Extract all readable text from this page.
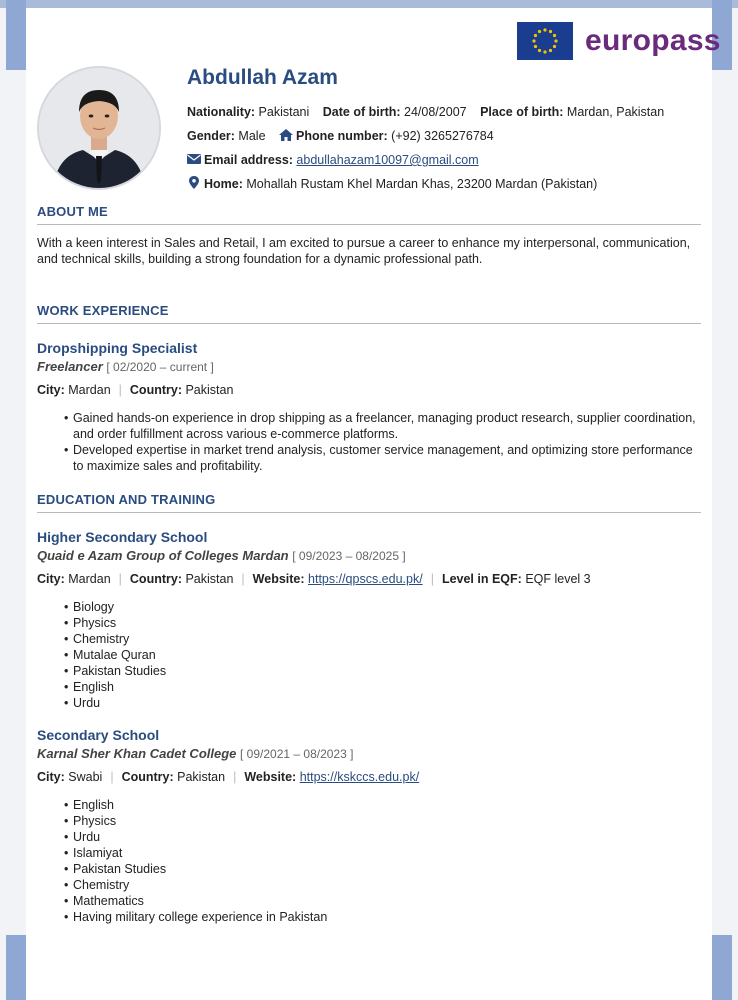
europass
Abdullah Azam
Nationality: Pakistani Date of birth: 24/08/2007 Place of birth: Mardan, Pakistan
Gender: Male Phone number: (+92) 3265276784
Email address: abdullahazam10097@gmail.com
Home: Mohallah Rustam Khel Mardan Khas, 23200 Mardan (Pakistan)
ABOUT ME
With a keen interest in Sales and Retail, I am excited to pursue a career to enhance my interpersonal, communication, and technical skills, building a strong foundation for a dynamic professional path.
WORK EXPERIENCE
Dropshipping Specialist
Freelancer [ 02/2020 – current ]
City: Mardan | Country: Pakistan
• Gained hands-on experience in drop shipping as a freelancer, managing product research, supplier coordination, and order fulfillment across various e-commerce platforms.
• Developed expertise in market trend analysis, customer service management, and optimizing store performance to maximize sales and profitability.
EDUCATION AND TRAINING
Higher Secondary School
Quaid e Azam Group of Colleges Mardan [ 09/2023 – 08/2025 ]
City: Mardan | Country: Pakistan | Website: https://qpscs.edu.pk/ | Level in EQF: EQF level 3
• Biology
• Physics
• Chemistry
• Mutalae Quran
• Pakistan Studies
• English
• Urdu
Secondary School
Karnal Sher Khan Cadet College [ 09/2021 – 08/2023 ]
City: Swabi | Country: Pakistan | Website: https://kskccs.edu.pk/
• English
• Physics
• Urdu
• Islamiyat
• Pakistan Studies
• Chemistry
• Mathematics
• Having military college experience in Pakistan
